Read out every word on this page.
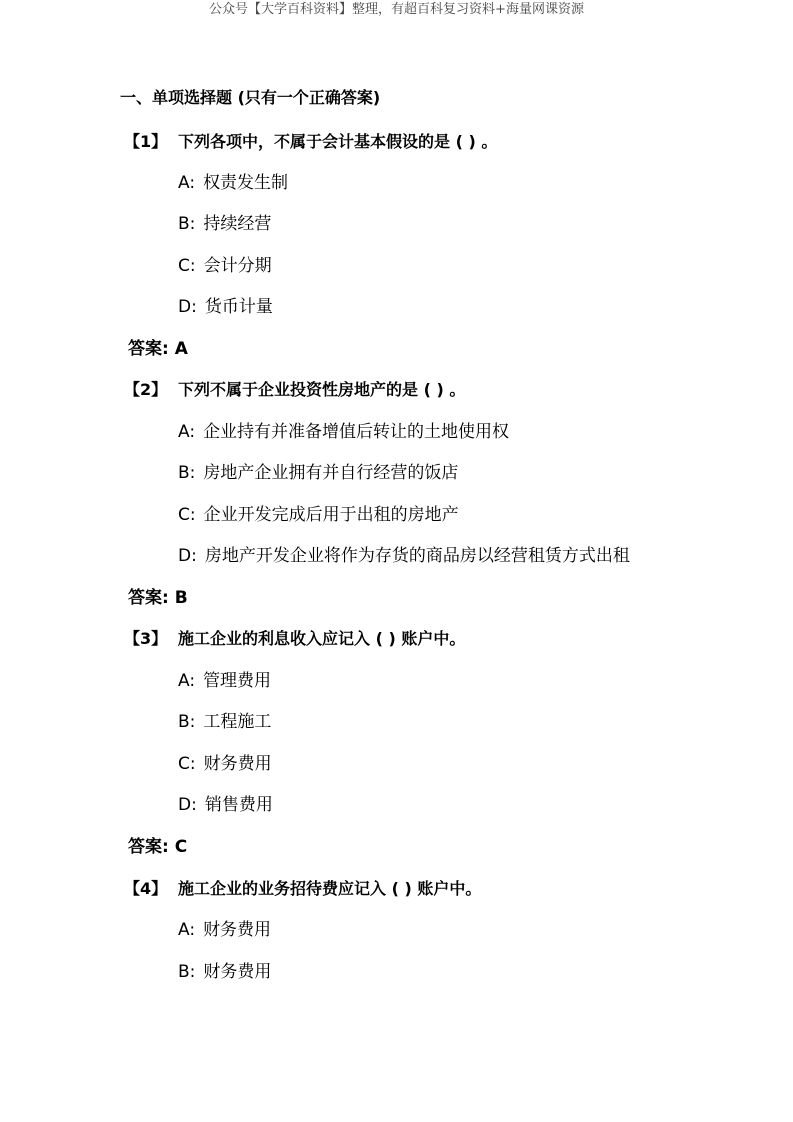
公众号【大学百科资料】整理，有超百科复习资料+海量网课资源
一、单项选择题 (只有一个正确答案)
【1】 下列各项中，不属于会计基本假设的是 ( ) 。
A: 权责发生制
B: 持续经营
C: 会计分期
D: 货币计量
答案: A
【2】 下列不属于企业投资性房地产的是 ( ) 。
A: 企业持有并准备增值后转让的土地使用权
B: 房地产企业拥有并自行经营的饭店
C: 企业开发完成后用于出租的房地产
D: 房地产开发企业将作为存货的商品房以经营租赁方式出租
答案: B
【3】 施工企业的利息收入应记入 ( ) 账户中。
A: 管理费用
B: 工程施工
C: 财务费用
D: 销售费用
答案: C
【4】 施工企业的业务招待费应记入 ( ) 账户中。
A: 财务费用
B: 财务费用
